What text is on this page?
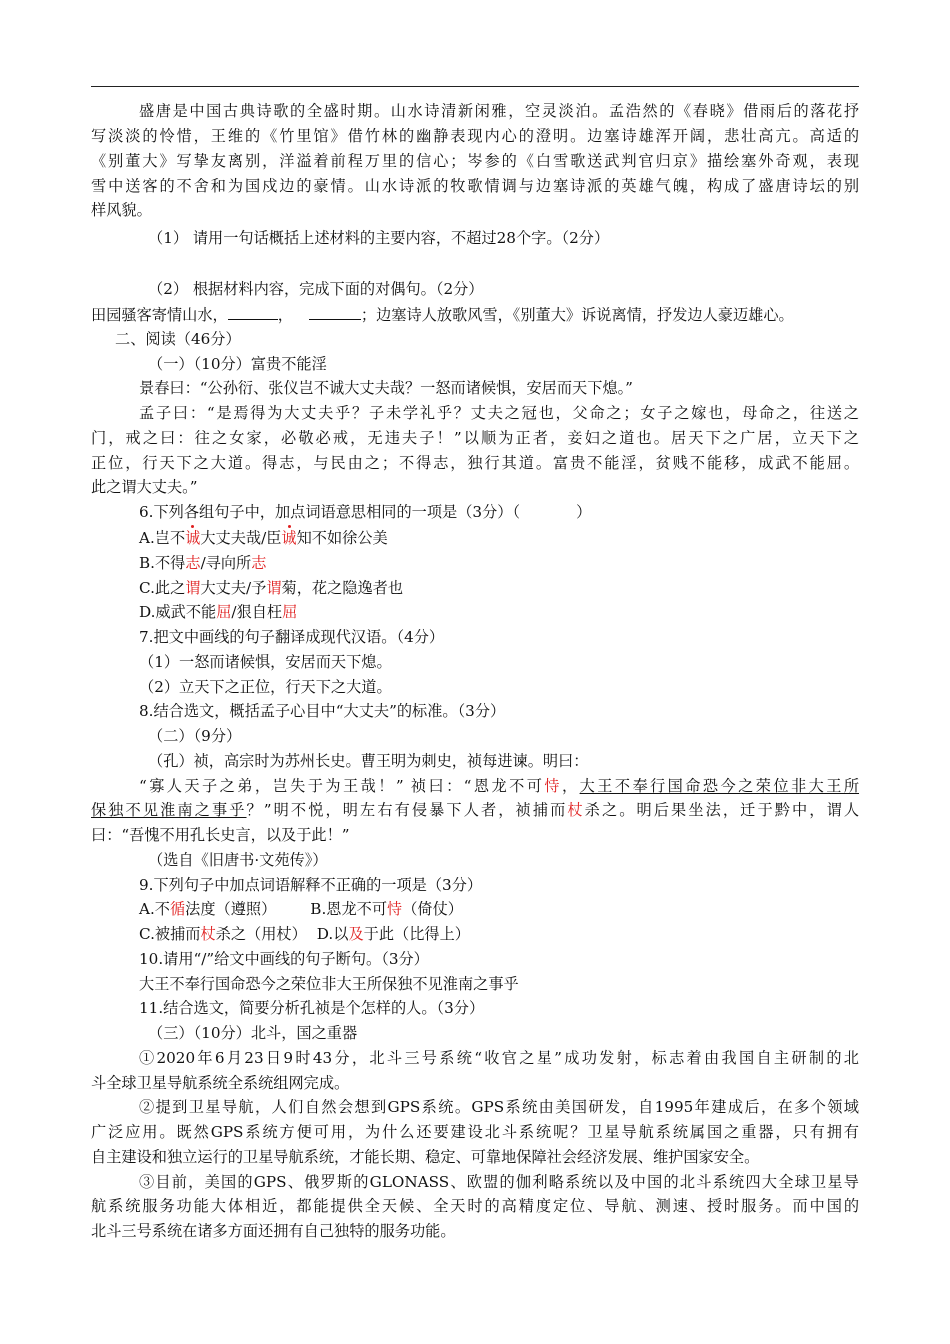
盛唐是中国古典诗歌的全盛时期。山水诗清新闲雅，空灵淡泊。孟浩然的《春晓》借雨后的落花抒
写淡淡的怜惜，王维的《竹里馆》借竹林的幽静表现内心的澄明。边塞诗雄浑开阔，悲壮高亢。高适的
《别董大》写挚友离别，洋溢着前程万里的信心；岑参的《白雪歌送武判官归京》描绘塞外奇观，表现
雪中送客的不舍和为国戍边的豪情。山水诗派的牧歌情调与边塞诗派的英雄气魄，构成了盛唐诗坛的别
样风貌。
（1） 请用一句话概括上述材料的主要内容，不超过28个字。（2分）
（2） 根据材料内容，完成下面的对偶句。（2分）
田园骚客寄情山水，	，	；边塞诗人放歌风雪，《别董大》诉说离情，抒发边人豪迈雄心。
二、阅读（46分）
（一）（10分）富贵不能淫
景春曰：“公孙衍、张仪岂不诚大丈夫哉？一怒而诸候惧，安居而天下熄。”
孟子曰：“是焉得为大丈夫乎？子未学礼乎？丈夫之冠也，父命之；女子之嫁也，母命之，往送之
门，戒之曰：往之女家，必敬必戒，无违夫子！”以顺为正者，妾妇之道也。居天下之广居，立天下之
正位，行天下之大道。得志，与民由之；不得志，独行其道。富贵不能淫，贫贱不能移，成武不能屈。
此之谓大丈夫。”
6.下列各组句子中，加点词语意思相同的一项是（3分）（	）
A.岂不诚大丈夫哉/臣诚知不如徐公美
B.不得志/寻向所志
C.此之谓大丈夫/予谓菊，花之隐逸者也
D.威武不能屈/狠自枉屈
7.把文中画线的句子翻译成现代汉语。（4分）
（1）一怒而诸候惧，安居而天下熄。
（2）立天下之正位，行天下之大道。
8.结合选文，概括孟子心目中“大丈夫”的标准。（3分）
（二）（9分）
（孔）祯，高宗时为苏州长史。曹王明为刺史，祯每进谏。明曰：
“寡人天子之弟，岂失于为王哉！” 祯曰：“恩龙不可恃，大王不奉行国命恐今之荣位非大王所
保独不见淮南之事乎？”明不悦，明左右有侵暴下人者，祯捕而杖杀之。明后果坐法，迁于黔中，谓人
曰：“吾愧不用孔长史言，以及于此！”
（选自《旧唐书·文苑传》）
9.下列句子中加点词语解释不正确的一项是（3分）
A.不循法度（遵照） B.恩龙不可恃（倚仗）
C.被捕而杖杀之（用杖） D.以及于此（比得上）
10.请用“/”给文中画线的句子断句。（3分）
大王不奉行国命恐今之荣位非大王所保独不见淮南之事乎
11.结合选文，简要分析孔祯是个怎样的人。（3分）
（三）（10分）北斗，国之重器
①2020年6月23日9时43分，北斗三号系统“收官之星”成功发射，标志着由我国自主研制的北
斗全球卫星导航系统全系统组网完成。
②提到卫星导航，人们自然会想到GPS系统。GPS系统由美国研发，自1995年建成后，在多个领域
广泛应用。既然GPS系统方便可用，为什么还要建设北斗系统呢？卫星导航系统属国之重器，只有拥有
自主建设和独立运行的卫星导航系统，才能长期、稳定、可靠地保障社会经济发展、维护国家安全。
③目前，美国的GPS、俄罗斯的GLONASS、欧盟的伽利略系统以及中国的北斗系统四大全球卫星导
航系统服务功能大体相近，都能提供全天候、全天时的高精度定位、导航、测速、授时服务。而中国的
北斗三号系统在诸多方面还拥有自己独特的服务功能。
